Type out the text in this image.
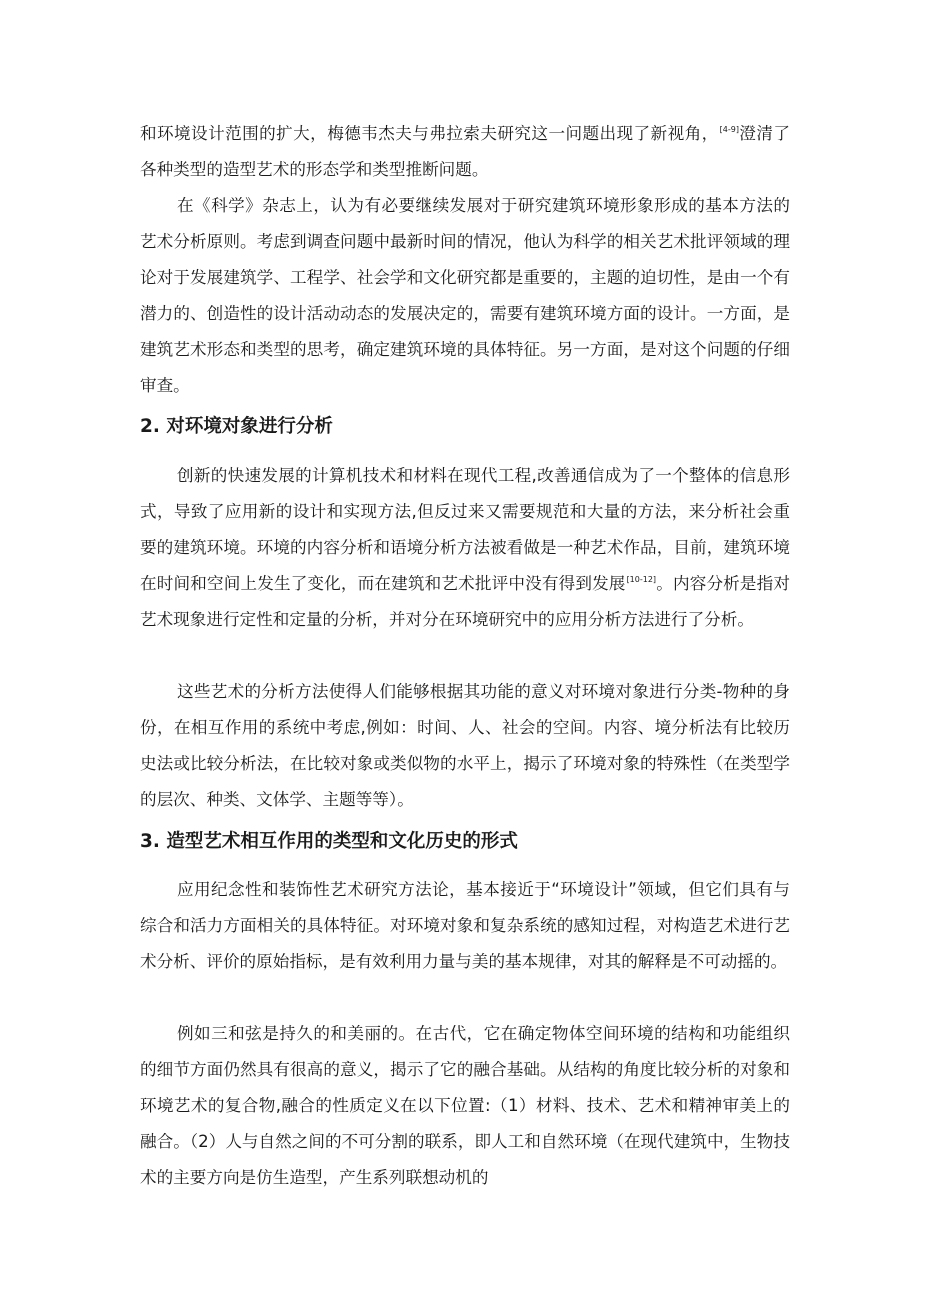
和环境设计范围的扩大，梅德韦杰夫与弗拉索夫研究这一问题出现了新视角，[4-9]澄清了各种类型的造型艺术的形态学和类型推断问题。

在《科学》杂志上，认为有必要继续发展对于研究建筑环境形象形成的基本方法的艺术分析原则。考虑到调查问题中最新时间的情况，他认为科学的相关艺术批评领域的理论对于发展建筑学、工程学、社会学和文化研究都是重要的，主题的迫切性，是由一个有潜力的、创造性的设计活动动态的发展决定的，需要有建筑环境方面的设计。一方面，是建筑艺术形态和类型的思考，确定建筑环境的具体特征。另一方面，是对这个问题的仔细审查。

2. 对环境对象进行分析

创新的快速发展的计算机技术和材料在现代工程,改善通信成为了一个整体的信息形式，导致了应用新的设计和实现方法,但反过来又需要规范和大量的方法，来分析社会重要的建筑环境。环境的内容分析和语境分析方法被看做是一种艺术作品，目前，建筑环境在时间和空间上发生了变化，而在建筑和艺术批评中没有得到发展[10-12]。内容分析是指对艺术现象进行定性和定量的分析，并对分在环境研究中的应用分析方法进行了分析。

这些艺术的分析方法使得人们能够根据其功能的意义对环境对象进行分类-物种的身份，在相互作用的系统中考虑,例如：时间、人、社会的空间。内容、境分析法有比较历史法或比较分析法，在比较对象或类似物的水平上，揭示了环境对象的特殊性（在类型学的层次、种类、文体学、主题等等）。

3. 造型艺术相互作用的类型和文化历史的形式

应用纪念性和装饰性艺术研究方法论，基本接近于“环境设计”领域，但它们具有与综合和活力方面相关的具体特征。对环境对象和复杂系统的感知过程，对构造艺术进行艺术分析、评价的原始指标，是有效利用力量与美的基本规律，对其的解释是不可动摇的。

例如三和弦是持久的和美丽的。在古代，它在确定物体空间环境的结构和功能组织的细节方面仍然具有很高的意义，揭示了它的融合基础。从结构的角度比较分析的对象和环境艺术的复合物,融合的性质定义在以下位置:（1）材料、技术、艺术和精神审美上的融合。（2）人与自然之间的不可分割的联系，即人工和自然环境（在现代建筑中，生物技术的主要方向是仿生造型，产生系列联想动机的
